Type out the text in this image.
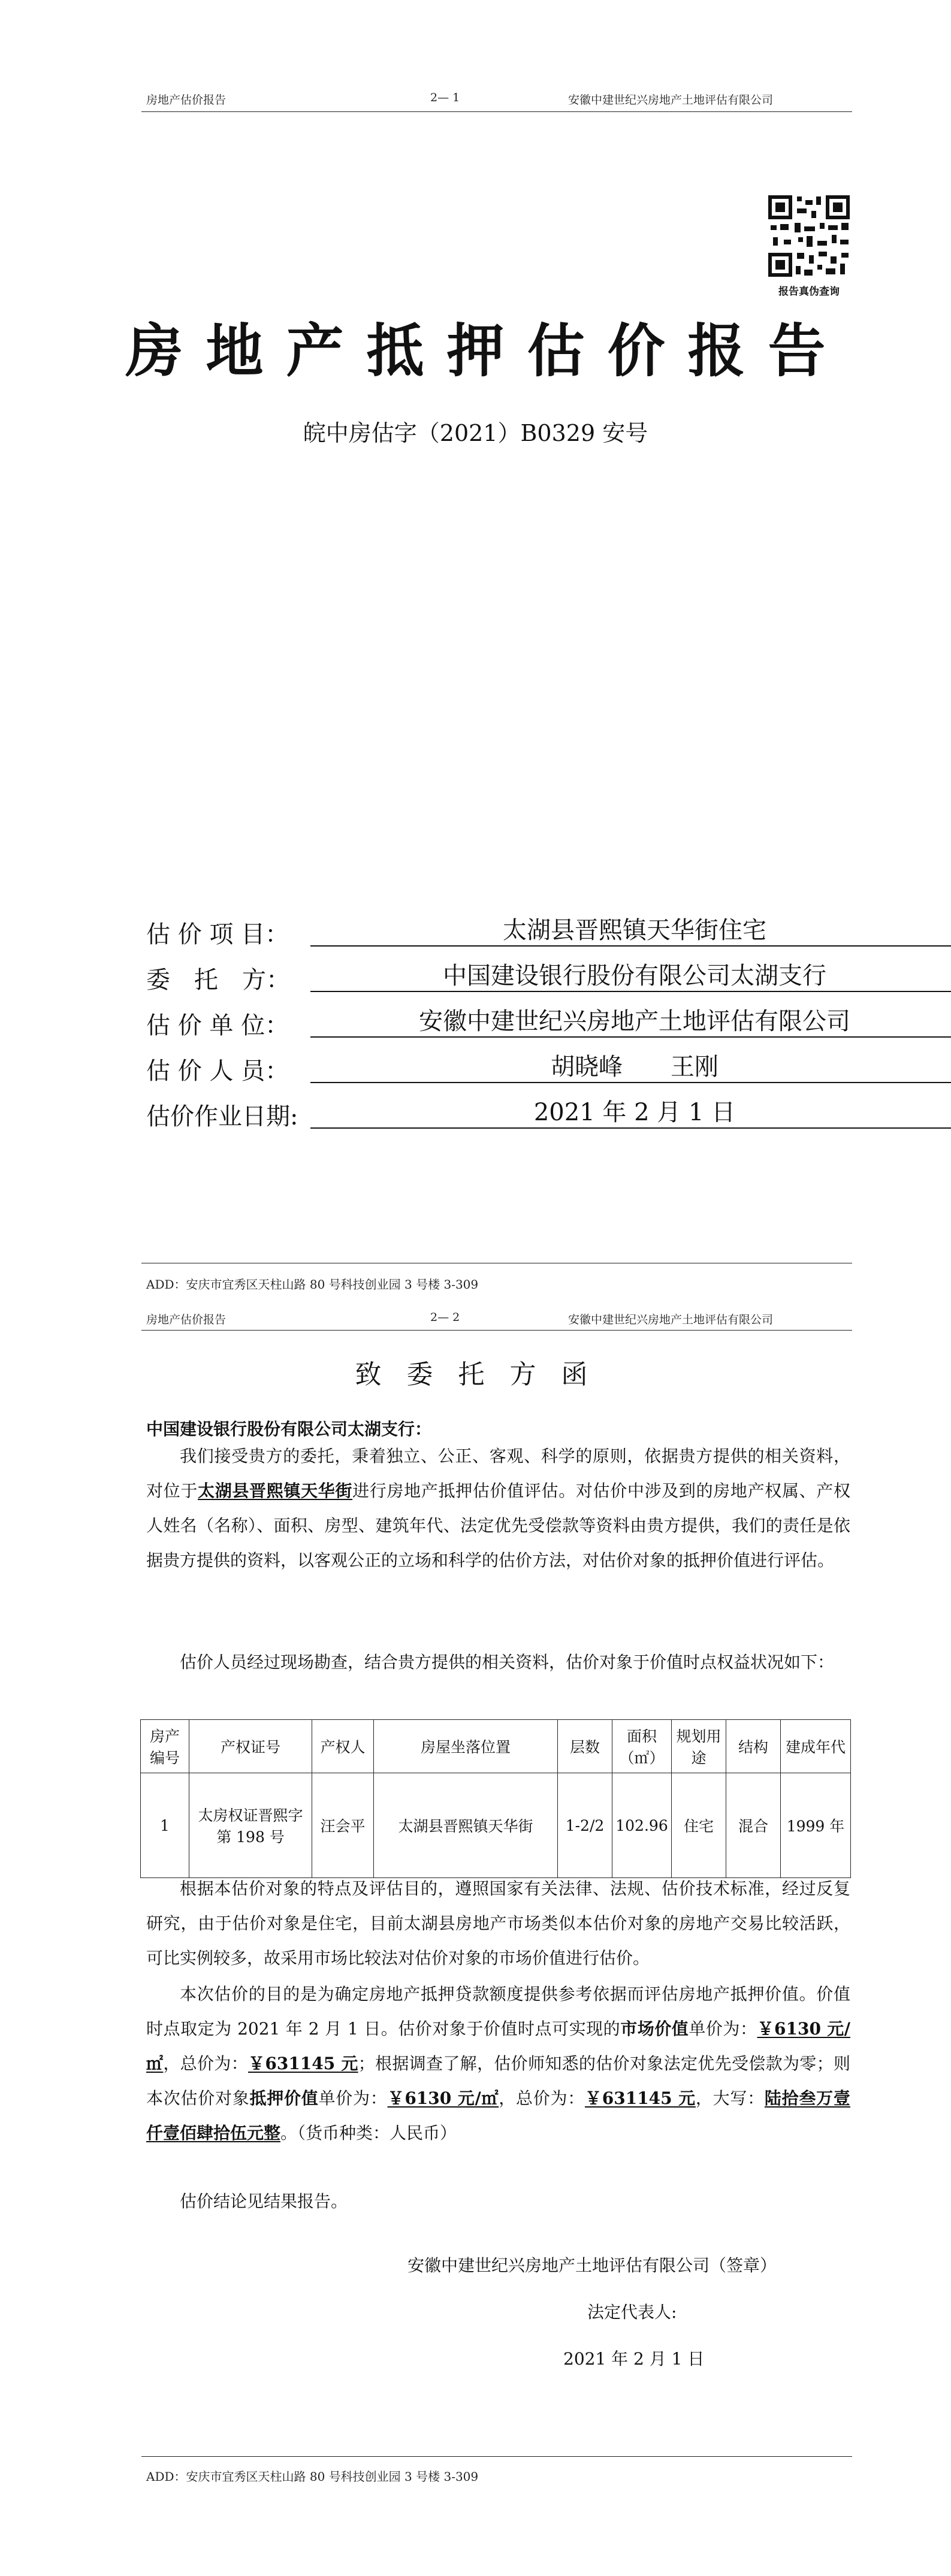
房地产估价报告	2— 1	安徽中建世纪兴房地产土地评估有限公司
报告真伪查询
房地产抵押估价报告
皖中房估字（2021）B0329 安号
估 价 项 目：	太湖县晋熙镇天华街住宅
委　托　方：	中国建设银行股份有限公司太湖支行
估 价 单 位：	安徽中建世纪兴房地产土地评估有限公司
估 价 人 员：	胡晓峰　　王刚
估价作业日期:	2021 年 2 月 1 日
ADD：安庆市宜秀区天柱山路 80 号科技创业园 3 号楼 3-309
房地产估价报告	2— 2	安徽中建世纪兴房地产土地评估有限公司
致 委 托 方 函
中国建设银行股份有限公司太湖支行：
我们接受贵方的委托，秉着独立、公正、客观、科学的原则，依据贵方提供的相关资料，对位于太湖县晋熙镇天华街进行房地产抵押估价值评估。对估价中涉及到的房地产权属、产权人姓名（名称）、面积、房型、建筑年代、法定优先受偿款等资料由贵方提供，我们的责任是依据贵方提供的资料，以客观公正的立场和科学的估价方法，对估价对象的抵押价值进行评估。
估价人员经过现场勘查，结合贵方提供的相关资料，估价对象于价值时点权益状况如下：
房产编号	产权证号	产权人	房屋坐落位置	层数	面积（㎡）	规划用途	结构	建成年代
1	太房权证晋熙字第 198 号	汪会平	太湖县晋熙镇天华街	1-2/2	102.96	住宅	混合	1999 年
根据本估价对象的特点及评估目的，遵照国家有关法律、法规、估价技术标准，经过反复研究，由于估价对象是住宅，目前太湖县房地产市场类似本估价对象的房地产交易比较活跃，可比实例较多，故采用市场比较法对估价对象的市场价值进行估价。
本次估价的目的是为确定房地产抵押贷款额度提供参考依据而评估房地产抵押价值。价值时点取定为 2021 年 2 月 1 日。估价对象于价值时点可实现的市场价值单价为：￥6130 元/㎡，总价为：￥631145 元；根据调查了解，估价师知悉的估价对象法定优先受偿款为零；则本次估价对象抵押价值单价为：￥6130 元/㎡，总价为：￥631145 元，大写：陆拾叁万壹仟壹佰肆拾伍元整。（货币种类：人民币）
估价结论见结果报告。
安徽中建世纪兴房地产土地评估有限公司（签章）
法定代表人:
2021 年 2 月 1 日
ADD：安庆市宜秀区天柱山路 80 号科技创业园 3 号楼 3-309
